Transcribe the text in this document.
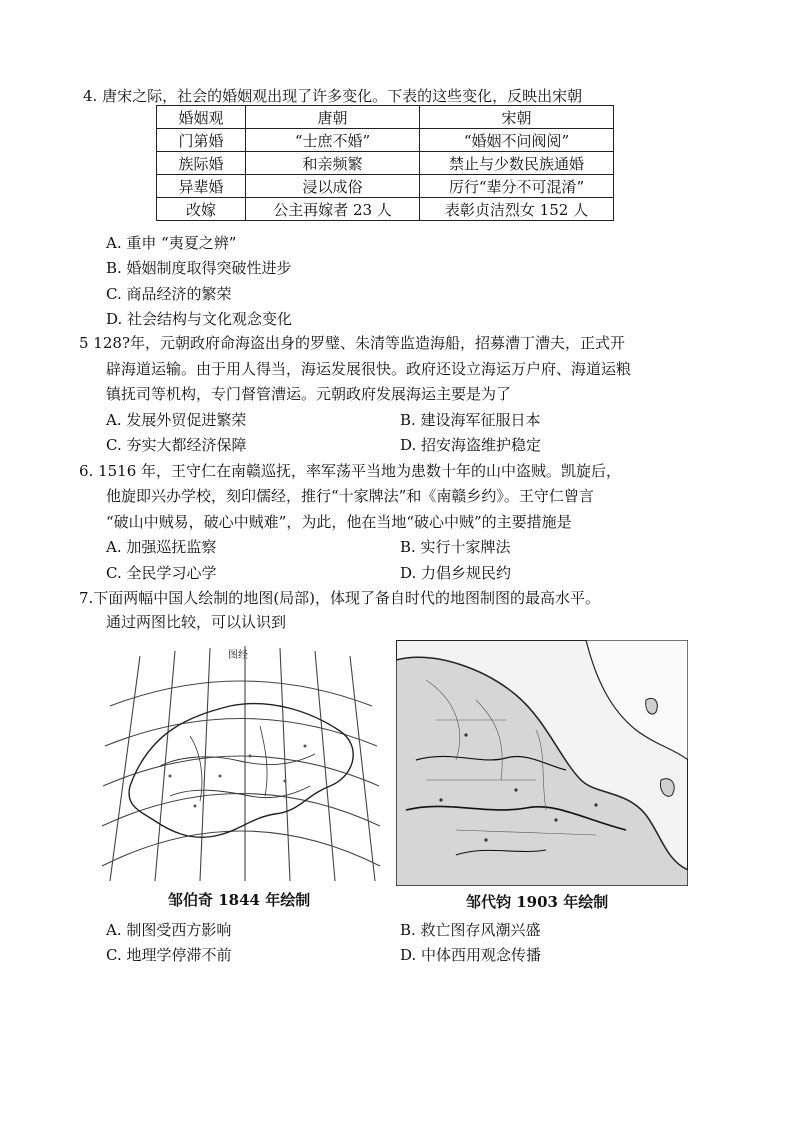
4. 唐宋之际，社会的婚姻观出现了许多变化。下表的这些变化，反映出宋朝
婚姻观	唐朝	宋朝
门第婚	“士庶不婚”	“婚姻不问阀阅”
族际婚	和亲频繁	禁止与少数民族通婚
异辈婚	浸以成俗	厉行“辈分不可混淆”
改嫁	公主再嫁者 23 人	表彰贞洁烈女 152 人
A. 重申 “夷夏之辨”
B. 婚姻制度取得突破性进步
C. 商品经济的繁荣
D. 社会结构与文化观念变化
5 128?年，元朝政府命海盗出身的罗璧、朱清等监造海船，招募漕丁漕夫，正式开
辟海道运输。由于用人得当，海运发展很快。政府还设立海运万户府、海道运粮
镇抚司等机构，专门督管漕运。元朝政府发展海运主要是为了
A. 发展外贸促进繁荣	B. 建设海军征服日本
C. 夯实大都经济保障	D. 招安海盗维护稳定
6. 1516 年，王守仁在南赣巡抚，率军荡平当地为患数十年的山中盗贼。凯旋后，
他旋即兴办学校，刻印儒经，推行“十家牌法”和《南赣乡约》。王守仁曾言
“破山中贼易，破心中贼难”，为此，他在当地“破心中贼”的主要措施是
A. 加强巡抚监察	B. 实行十家牌法
C. 全民学习心学	D. 力倡乡规民约
7.下面两幅中国人绘制的地图(局部)，体现了备自时代的地图制图的最高水平。
通过两图比较，可以认识到
图经
邹伯奇 1844 年绘制	邹代钧 1903 年绘制
A. 制图受西方影响	B. 救亡图存风潮兴盛
C. 地理学停滞不前	D. 中体西用观念传播
